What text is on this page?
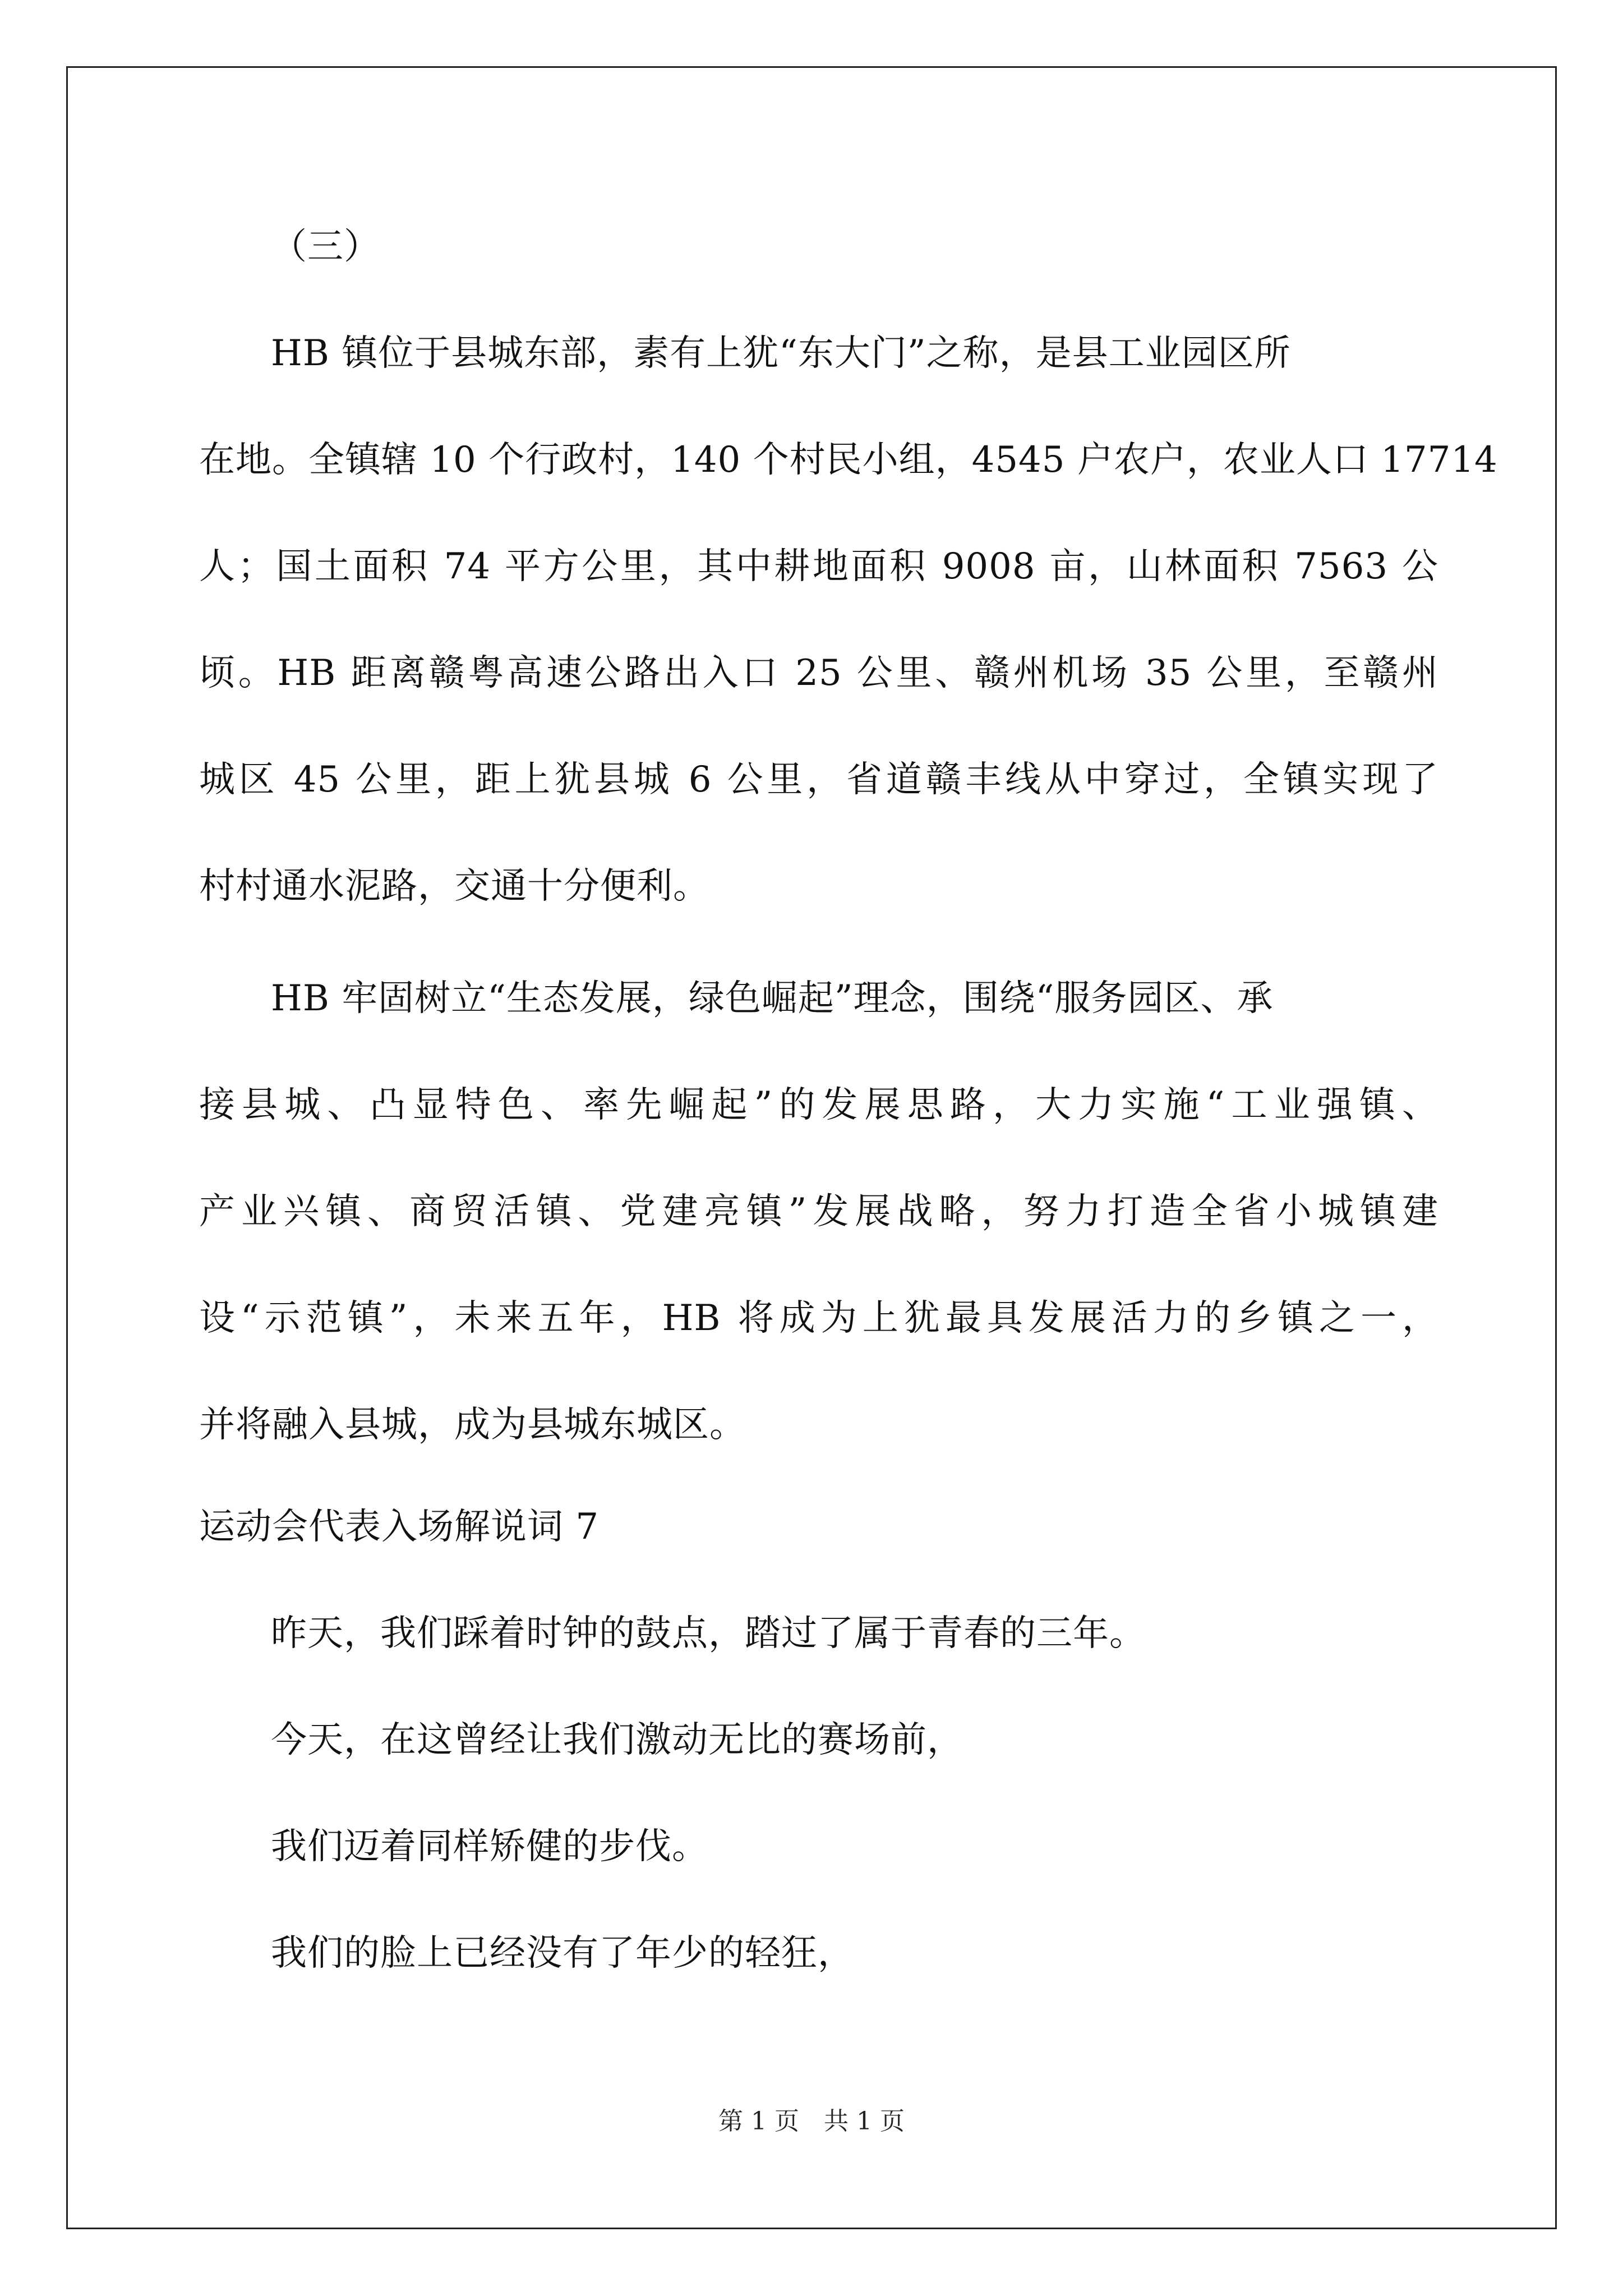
（三）
HB 镇位于县城东部，素有上犹“东大门”之称，是县工业园区所
在地。全镇辖 10 个行政村，140 个村民小组，4545 户农户，农业人口 17714
人；国土面积 74 平方公里，其中耕地面积 9008 亩，山林面积 7563 公
顷。HB 距离赣粤高速公路出入口 25 公里、赣州机场 35 公里，至赣州
城区 45 公里，距上犹县城 6 公里，省道赣丰线从中穿过，全镇实现了
村村通水泥路，交通十分便利。
HB 牢固树立“生态发展，绿色崛起”理念，围绕“服务园区、承
接县城、凸显特色、率先崛起”的发展思路，大力实施“工业强镇、
产业兴镇、商贸活镇、党建亮镇”发展战略，努力打造全省小城镇建
设“示范镇”，未来五年，HB 将成为上犹最具发展活力的乡镇之一，
并将融入县城，成为县城东城区。
运动会代表入场解说词 7
昨天，我们踩着时钟的鼓点，踏过了属于青春的三年。
今天，在这曾经让我们激动无比的赛场前，
我们迈着同样矫健的步伐。
我们的脸上已经没有了年少的轻狂，
第 1 页　共 1 页
